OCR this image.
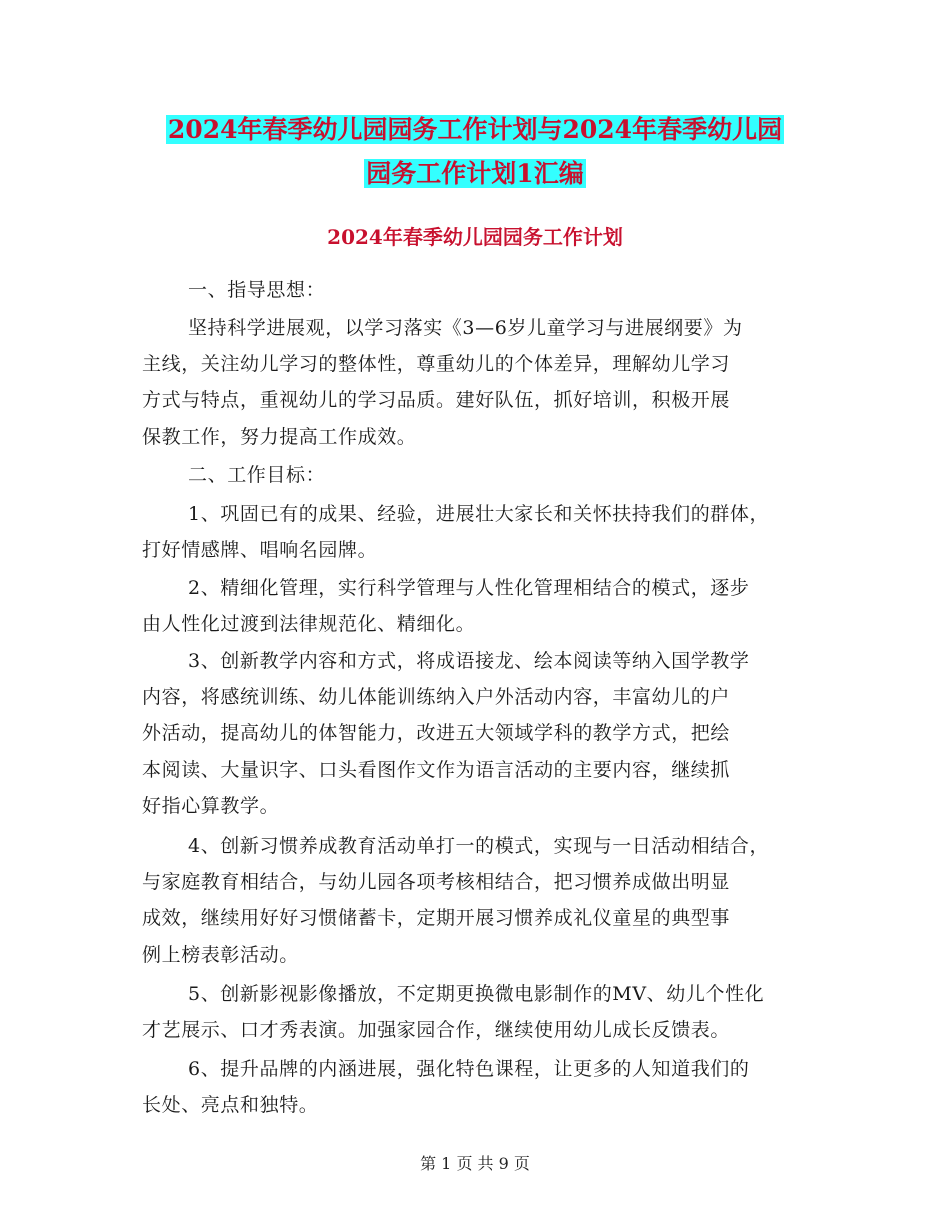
2024年春季幼儿园园务工作计划与2024年春季幼儿园
园务工作计划1汇编
2024年春季幼儿园园务工作计划
一、指导思想：
坚持科学进展观，以学习落实《3—6岁儿童学习与进展纲要》为
主线，关注幼儿学习的整体性，尊重幼儿的个体差异，理解幼儿学习
方式与特点，重视幼儿的学习品质。建好队伍，抓好培训，积极开展
保教工作，努力提高工作成效。
二、工作目标：
1、巩固已有的成果、经验，进展壮大家长和关怀扶持我们的群体，
打好情感牌、唱响名园牌。
2、精细化管理，实行科学管理与人性化管理相结合的模式，逐步
由人性化过渡到法律规范化、精细化。
3、创新教学内容和方式，将成语接龙、绘本阅读等纳入国学教学
内容，将感统训练、幼儿体能训练纳入户外活动内容，丰富幼儿的户
外活动，提高幼儿的体智能力，改进五大领域学科的教学方式，把绘
本阅读、大量识字、口头看图作文作为语言活动的主要内容，继续抓
好指心算教学。
4、创新习惯养成教育活动单打一的模式，实现与一日活动相结合，
与家庭教育相结合，与幼儿园各项考核相结合，把习惯养成做出明显
成效，继续用好好习惯储蓄卡，定期开展习惯养成礼仪童星的典型事
例上榜表彰活动。
5、创新影视影像播放，不定期更换微电影制作的MV、幼儿个性化
才艺展示、口才秀表演。加强家园合作，继续使用幼儿成长反馈表。
6、提升品牌的内涵进展，强化特色课程，让更多的人知道我们的
长处、亮点和独特。
第 1 页 共 9 页
